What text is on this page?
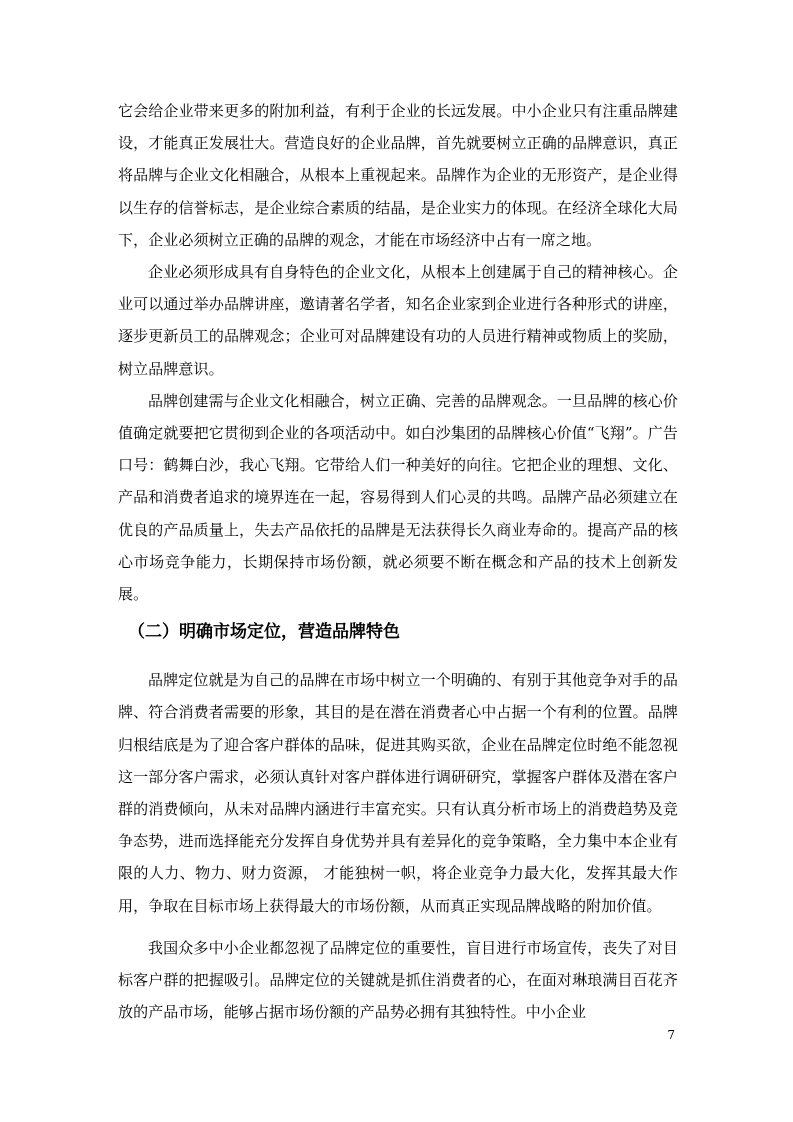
它会给企业带来更多的附加利益，有利于企业的长远发展。中小企业只有注重品牌建设，才能真正发展壮大。营造良好的企业品牌，首先就要树立正确的品牌意识，真正将品牌与企业文化相融合，从根本上重视起来。品牌作为企业的无形资产，是企业得以生存的信誉标志，是企业综合素质的结晶，是企业实力的体现。在经济全球化大局下，企业必须树立正确的品牌的观念，才能在市场经济中占有一席之地。

企业必须形成具有自身特色的企业文化，从根本上创建属于自己的精神核心。企业可以通过举办品牌讲座，邀请著名学者，知名企业家到企业进行各种形式的讲座，逐步更新员工的品牌观念；企业可对品牌建设有功的人员进行精神或物质上的奖励，树立品牌意识。

品牌创建需与企业文化相融合，树立正确、完善的品牌观念。一旦品牌的核心价值确定就要把它贯彻到企业的各项活动中。如白沙集团的品牌核心价值“飞翔”。广告口号：鹤舞白沙，我心飞翔。它带给人们一种美好的向往。它把企业的理想、文化、产品和消费者追求的境界连在一起，容易得到人们心灵的共鸣。品牌产品必须建立在优良的产品质量上，失去产品依托的品牌是无法获得长久商业寿命的。提高产品的核心市场竞争能力，长期保持市场份额，就必须要不断在概念和产品的技术上创新发展。

（二）明确市场定位，营造品牌特色

品牌定位就是为自己的品牌在市场中树立一个明确的、有别于其他竞争对手的品牌、符合消费者需要的形象，其目的是在潜在消费者心中占据一个有利的位置。品牌归根结底是为了迎合客户群体的品味，促进其购买欲，企业在品牌定位时绝不能忽视这一部分客户需求，必须认真针对客户群体进行调研研究，掌握客户群体及潜在客户群的消费倾向，从未对品牌内涵进行丰富充实。只有认真分析市场上的消费趋势及竞争态势，进而选择能充分发挥自身优势并具有差异化的竞争策略，全力集中本企业有限的人力、物力、财力资源， 才能独树一帜，将企业竞争力最大化，发挥其最大作用，争取在目标市场上获得最大的市场份额，从而真正实现品牌战略的附加价值。

我国众多中小企业都忽视了品牌定位的重要性，盲目进行市场宣传，丧失了对目标客户群的把握吸引。品牌定位的关键就是抓住消费者的心，在面对琳琅满目百花齐放的产品市场，能够占据市场份额的产品势必拥有其独特性。中小企业

7
